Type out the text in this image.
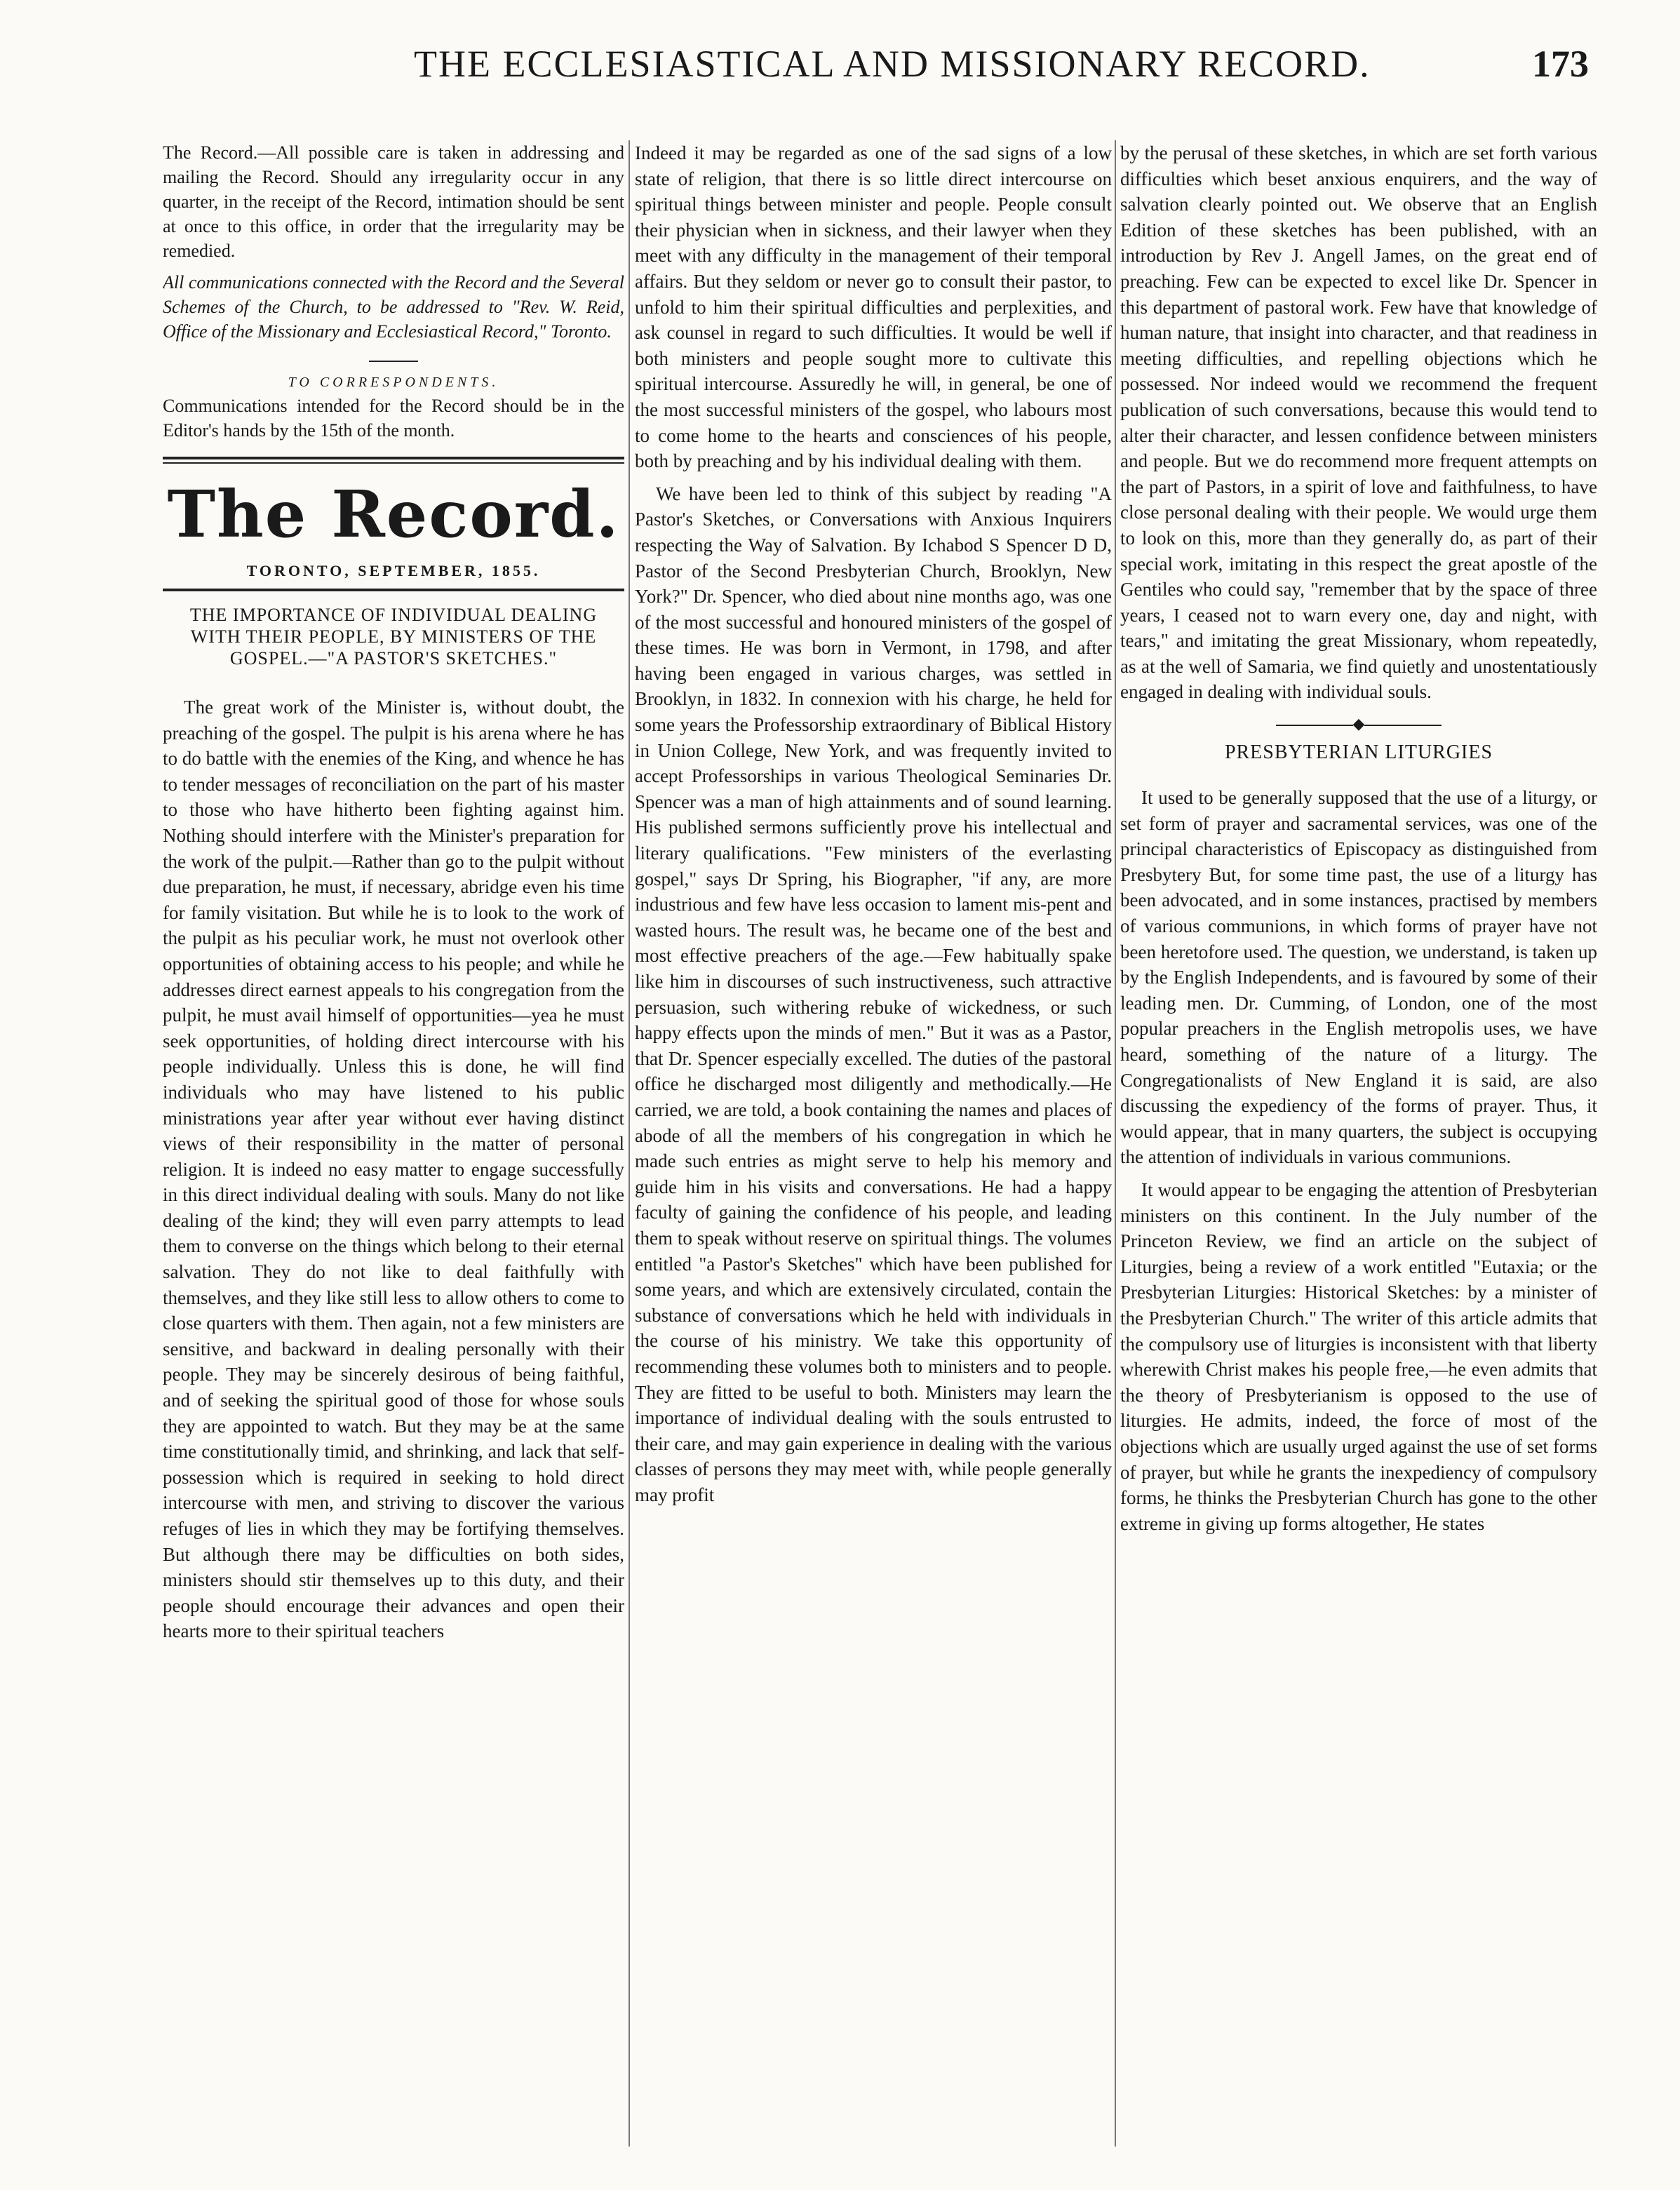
THE ECCLESIASTICAL AND MISSIONARY RECORD.	173

The Record.—All possible care is taken in addressing and mailing the Record. Should any irregularity occur in any quarter, in the receipt of the Record, intimation should be sent at once to this office, in order that the irregularity may be remedied.

All communications connected with the Record and the Several Schemes of the Church, to be addressed to "Rev. W. Reid, Office of the Missionary and Ecclesiastical Record," Toronto.

TO CORRESPONDENTS.

Communications intended for the Record should be in the Editor's hands by the 15th of the month.

The Record.
TORONTO, SEPTEMBER, 1855.
THE IMPORTANCE OF INDIVIDUAL DEALING WITH THEIR PEOPLE, BY MINISTERS OF THE GOSPEL.—"A PASTOR'S SKETCHES."

The great work of the Minister is, without doubt, the preaching of the gospel. The pulpit is his arena where he has to do battle with the enemies of the King, and whence he has to tender messages of reconciliation on the part of his master to those who have hitherto been fighting against him. Nothing should interfere with the Minister's preparation for the work of the pulpit.—Rather than go to the pulpit without due preparation, he must, if necessary, abridge even his time for family visitation. But while he is to look to the work of the pulpit as his peculiar work, he must not overlook other opportunities of obtaining access to his people; and while he addresses direct earnest appeals to his congregation from the pulpit, he must avail himself of opportunities—yea he must seek opportunities, of holding direct intercourse with his people individually. Unless this is done, he will find individuals who may have listened to his public ministrations year after year without ever having distinct views of their responsibility in the matter of personal religion. It is indeed no easy matter to engage successfully in this direct individual dealing with souls. Many do not like dealing of the kind; they will even parry attempts to lead them to converse on the things which belong to their eternal salvation. They do not like to deal faithfully with themselves, and they like still less to allow others to come to close quarters with them. Then again, not a few ministers are sensitive, and backward in dealing personally with their people. They may be sincerely desirous of being faithful, and of seeking the spiritual good of those for whose souls they are appointed to watch. But they may be at the same time constitutionally timid, and shrinking, and lack that self-possession which is required in seeking to hold direct intercourse with men, and striving to discover the various refuges of lies in which they may be fortifying themselves. But although there may be difficulties on both sides, ministers should stir themselves up to this duty, and their people should encourage their advances and open their hearts more to their spiritual teachers

Indeed it may be regarded as one of the sad signs of a low state of religion, that there is so little direct intercourse on spiritual things between minister and people. People consult their physician when in sickness, and their lawyer when they meet with any difficulty in the management of their temporal affairs. But they seldom or never go to consult their pastor, to unfold to him their spiritual difficulties and perplexities, and ask counsel in regard to such difficulties. It would be well if both ministers and people sought more to cultivate this spiritual intercourse. Assuredly he will, in general, be one of the most successful ministers of the gospel, who labours most to come home to the hearts and consciences of his people, both by preaching and by his individual dealing with them.

We have been led to think of this subject by reading "A Pastor's Sketches, or Conversations with Anxious Inquirers respecting the Way of Salvation. By Ichabod S Spencer D D, Pastor of the Second Presbyterian Church, Brooklyn, New York?" Dr. Spencer, who died about nine months ago, was one of the most successful and honoured ministers of the gospel of these times. He was born in Vermont, in 1798, and after having been engaged in various charges, was settled in Brooklyn, in 1832. In connexion with his charge, he held for some years the Professorship extraordinary of Biblical History in Union College, New York, and was frequently invited to accept Professorships in various Theological Seminaries Dr. Spencer was a man of high attainments and of sound learning. His published sermons sufficiently prove his intellectual and literary qualifications. "Few ministers of the everlasting gospel," says Dr Spring, his Biographer, "if any, are more industrious and few have less occasion to lament mis-pent and wasted hours. The result was, he became one of the best and most effective preachers of the age.—Few habitually spake like him in discourses of such instructiveness, such attractive persuasion, such withering rebuke of wickedness, or such happy effects upon the minds of men." But it was as a Pastor, that Dr. Spencer especially excelled. The duties of the pastoral office he discharged most diligently and methodically.—He carried, we are told, a book containing the names and places of abode of all the members of his congregation in which he made such entries as might serve to help his memory and guide him in his visits and conversations. He had a happy faculty of gaining the confidence of his people, and leading them to speak without reserve on spiritual things. The volumes entitled "a Pastor's Sketches" which have been published for some years, and which are extensively circulated, contain the substance of conversations which he held with individuals in the course of his ministry. We take this opportunity of recommending these volumes both to ministers and to people. They are fitted to be useful to both. Ministers may learn the importance of individual dealing with the souls entrusted to their care, and may gain experience in dealing with the various classes of persons they may meet with, while people generally may profit

by the perusal of these sketches, in which are set forth various difficulties which beset anxious enquirers, and the way of salvation clearly pointed out. We observe that an English Edition of these sketches has been published, with an introduction by Rev J. Angell James, on the great end of preaching. Few can be expected to excel like Dr. Spencer in this department of pastoral work. Few have that knowledge of human nature, that insight into character, and that readiness in meeting difficulties, and repelling objections which he possessed. Nor indeed would we recommend the frequent publication of such conversations, because this would tend to alter their character, and lessen confidence between ministers and people. But we do recommend more frequent attempts on the part of Pastors, in a spirit of love and faithfulness, to have close personal dealing with their people. We would urge them to look on this, more than they generally do, as part of their special work, imitating in this respect the great apostle of the Gentiles who could say, "remember that by the space of three years, I ceased not to warn every one, day and night, with tears," and imitating the great Missionary, whom repeatedly, as at the well of Samaria, we find quietly and unostentatiously engaged in dealing with individual souls.

◆
PRESBYTERIAN LITURGIES

It used to be generally supposed that the use of a liturgy, or set form of prayer and sacramental services, was one of the principal characteristics of Episcopacy as distinguished from Presbytery But, for some time past, the use of a liturgy has been advocated, and in some instances, practised by members of various communions, in which forms of prayer have not been heretofore used. The question, we understand, is taken up by the English Independents, and is favoured by some of their leading men. Dr. Cumming, of London, one of the most popular preachers in the English metropolis uses, we have heard, something of the nature of a liturgy. The Congregationalists of New England it is said, are also discussing the expediency of the forms of prayer. Thus, it would appear, that in many quarters, the subject is occupying the attention of individuals in various communions.

It would appear to be engaging the attention of Presbyterian ministers on this continent. In the July number of the Princeton Review, we find an article on the subject of Liturgies, being a review of a work entitled "Eutaxia; or the Presbyterian Liturgies: Historical Sketches: by a minister of the Presbyterian Church." The writer of this article admits that the compulsory use of liturgies is inconsistent with that liberty wherewith Christ makes his people free,—he even admits that the theory of Presbyterianism is opposed to the use of liturgies. He admits, indeed, the force of most of the objections which are usually urged against the use of set forms of prayer, but while he grants the inexpediency of compulsory forms, he thinks the Presbyterian Church has gone to the other extreme in giving up forms altogether, He states
